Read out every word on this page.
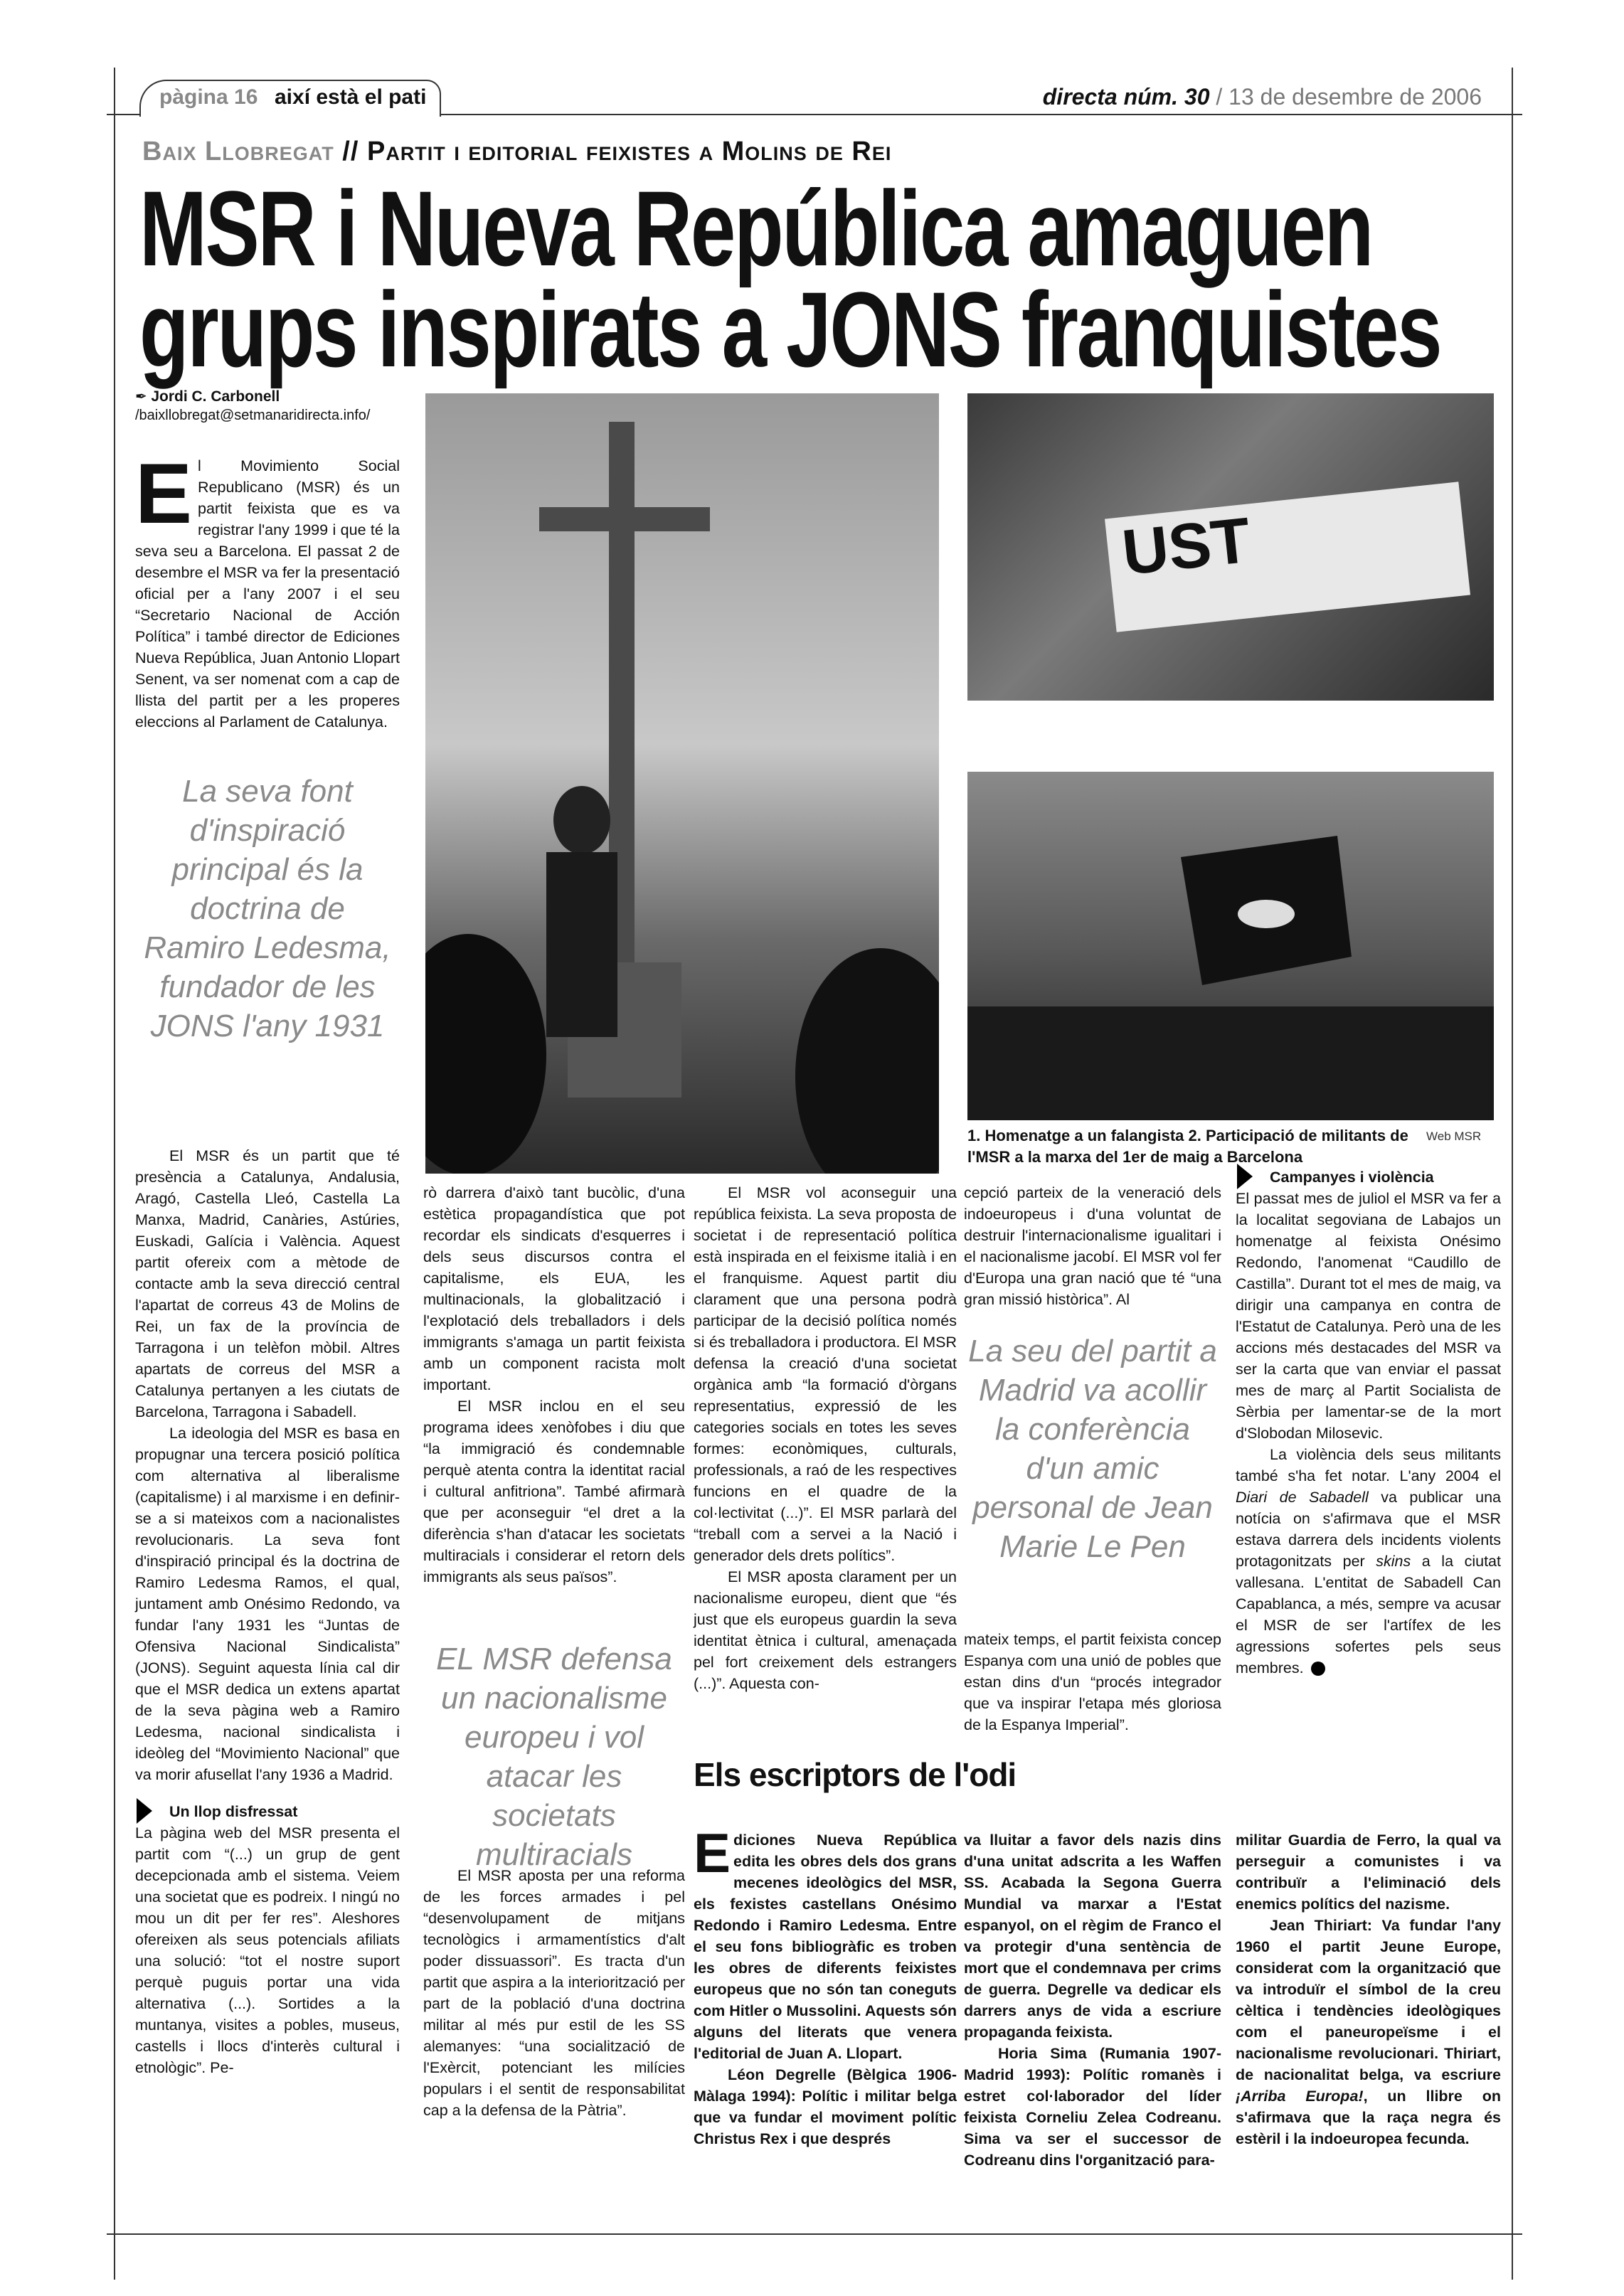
pàgina 16 així està el pati	directa núm. 30 / 13 de desembre de 2006
Baix Llobregat // Partit i editorial feixistes a Molins de Rei
MSR i Nueva República amaguen
grups inspirats a JONS franquistes
✒ Jordi C. Carbonell
/baixllobregat@setmanaridirecta.info/
UST
1. Homenatge a un falangista 2. Participació de militants de l'MSR a la marxa del 1er de maig a Barcelona
Web MSR
E l Movimiento Social Republicano (MSR) és un partit feixista que es va registrar l'any 1999 i que té la seva seu a Barcelona. El passat 2 de desembre el MSR va fer la presentació oficial per a l'any 2007 i el seu “Secretario Nacional de Acción Política” i també director de Ediciones Nueva República, Juan Antonio Llopart Senent, va ser nomenat com a cap de llista del partit per a les properes eleccions al Parlament de Catalunya.
La seva font d'inspiració principal és la doctrina de Ramiro Ledesma, fundador de les JONS l'any 1931

El MSR és un partit que té presència a Catalunya, Andalusia, Aragó, Castella Lleó, Castella La Manxa, Madrid, Canàries, Astúries, Euskadi, Galícia i València. Aquest partit ofereix com a mètode de contacte amb la seva direcció central l'apartat de correus 43 de Molins de Rei, un fax de la província de Tarragona i un telèfon mòbil. Altres apartats de correus del MSR a Catalunya pertanyen a les ciutats de Barcelona, Tarragona i Sabadell.

La ideologia del MSR es basa en propugnar una tercera posició política com alternativa al liberalisme (capitalisme) i al marxisme i en definir-se a si mateixos com a nacionalistes revolucionaris. La seva font d'inspiració principal és la doctrina de Ramiro Ledesma Ramos, el qual, juntament amb Onésimo Redondo, va fundar l'any 1931 les “Juntas de Ofensiva Nacional Sindicalista” (JONS). Seguint aquesta línia cal dir que el MSR dedica un extens apartat de la seva pàgina web a Ramiro Ledesma, nacional sindicalista i ideòleg del “Movimiento Nacional” que va morir afusellat l'any 1936 a Madrid.

Un llop disfressat

La pàgina web del MSR presenta el partit com “(...) un grup de gent decepcionada amb el sistema. Veiem una societat que es podreix. I ningú no mou un dit per fer res”. Aleshores ofereixen als seus potencials afiliats una solució: “tot el nostre suport perquè puguis portar una vida alternativa (...). Sortides a la muntanya, visites a pobles, museus, castells i llocs d'interès cultural i etnològic”. Pe-

rò darrera d'això tant bucòlic, d'una estètica propagandística que pot recordar els sindicats d'esquerres i dels seus discursos contra el capitalisme, els EUA, les multinacionals, la globalització i l'explotació dels treballadors i dels immigrants s'amaga un partit feixista amb un component racista molt important.

El MSR inclou en el seu programa idees xenòfobes i diu que “la immigració és condemnable perquè atenta contra la identitat racial i cultural anfitriona”. També afirmarà que per aconseguir “el dret a la diferència s'han d'atacar les societats multiracials i considerar el retorn dels immigrants als seus països”.

EL MSR defensa un nacionalisme europeu i vol atacar les societats multiracials

El MSR aposta per una reforma de les forces armades i pel “desenvolupament de mitjans tecnològics i armamentístics d'alt poder dissuassori”. Es tracta d'un partit que aspira a la interiorització per part de la població d'una doctrina militar al més pur estil de les SS alemanyes: “una socialització de l'Exèrcit, potenciant les milícies populars i el sentit de responsabilitat cap a la defensa de la Pàtria”.

El MSR vol aconseguir una república feixista. La seva proposta de societat i de representació política està inspirada en el feixisme italià i en el franquisme. Aquest partit diu clarament que una persona podrà participar de la decisió política només si és treballadora i productora. El MSR defensa la creació d'una societat orgànica amb “la formació d'òrgans representatius, expressió de les categories socials en totes les seves formes: econòmiques, culturals, professionals, a raó de les respectives funcions en el quadre de la col·lectivitat (...)”. El MSR parlarà del “treball com a servei a la Nació i generador dels drets polítics”.

El MSR aposta clarament per un nacionalisme europeu, dient que “és just que els europeus guardin la seva identitat ètnica i cultural, amenaçada pel fort creixement dels estrangers (...)”. Aquesta con-

cepció parteix de la veneració dels indoeuropeus i d'una voluntat de destruir l'internacionalisme igualitari i el nacionalisme jacobí. El MSR vol fer d'Europa una gran nació que té “una gran missió històrica”. Al

La seu del partit a Madrid va acollir la conferència d'un amic personal de Jean Marie Le Pen

mateix temps, el partit feixista concep Espanya com una unió de pobles que estan dins d'un “procés integrador que va inspirar l'etapa més gloriosa de la Espanya Imperial”.

Campanyes i violència

El passat mes de juliol el MSR va fer a la localitat segoviana de Labajos un homenatge al feixista Onésimo Redondo, l'anomenat “Caudillo de Castilla”. Durant tot el mes de maig, va dirigir una campanya en contra de l'Estatut de Catalunya. Però una de les accions més destacades del MSR va ser la carta que van enviar el passat mes de març al Partit Socialista de Sèrbia per lamentar-se de la mort d'Slobodan Milosevic.

La violència dels seus militants també s'ha fet notar. L'any 2004 el Diari de Sabadell va publicar una notícia on s'afirmava que el MSR estava darrera dels incidents violents protagonitzats per skins a la ciutat vallesana. L'entitat de Sabadell Can Capablanca, a més, sempre va acusar el MSR de ser l'artífex de les agressions sofertes pels seus membres.	d/

Els escriptors de l'odi
E diciones Nueva República edita les obres dels dos grans mecenes ideològics del MSR, els fexistes castellans Onésimo Redondo i Ramiro Ledesma. Entre el seu fons bibliogràfic es troben les obres de diferents feixistes europeus que no són tan coneguts com Hitler o Mussolini. Aquests són alguns del literats que venera l'editorial de Juan A. Llopart.

Léon Degrelle (Bèlgica 1906-Màlaga 1994): Polític i militar belga que va fundar el moviment polític Christus Rex i que després

va lluitar a favor dels nazis dins d'una unitat adscrita a les Waffen SS. Acabada la Segona Guerra Mundial va marxar a l'Estat espanyol, on el règim de Franco el va protegir d'una sentència de mort que el condemnava per crims de guerra. Degrelle va dedicar els darrers anys de vida a escriure propaganda feixista.

Horia Sima (Rumania 1907-Madrid 1993): Polític romanès i estret col·laborador del líder feixista Corneliu Zelea Codreanu. Sima va ser el successor de Codreanu dins l'organització para-

militar Guardia de Ferro, la qual va perseguir a comunistes i va contribuïr a l'eliminació dels enemics polítics del nazisme.

Jean Thiriart: Va fundar l'any 1960 el partit Jeune Europe, considerat com la organització que va introduïr el símbol de la creu cèltica i tendències ideològiques com el paneuropeïsme i el nacionalisme revolucionari. Thiriart, de nacionalitat belga, va escriure ¡Arriba Europa!, un llibre on s'afirmava que la raça negra és estèril i la indoeuropea fecunda.
